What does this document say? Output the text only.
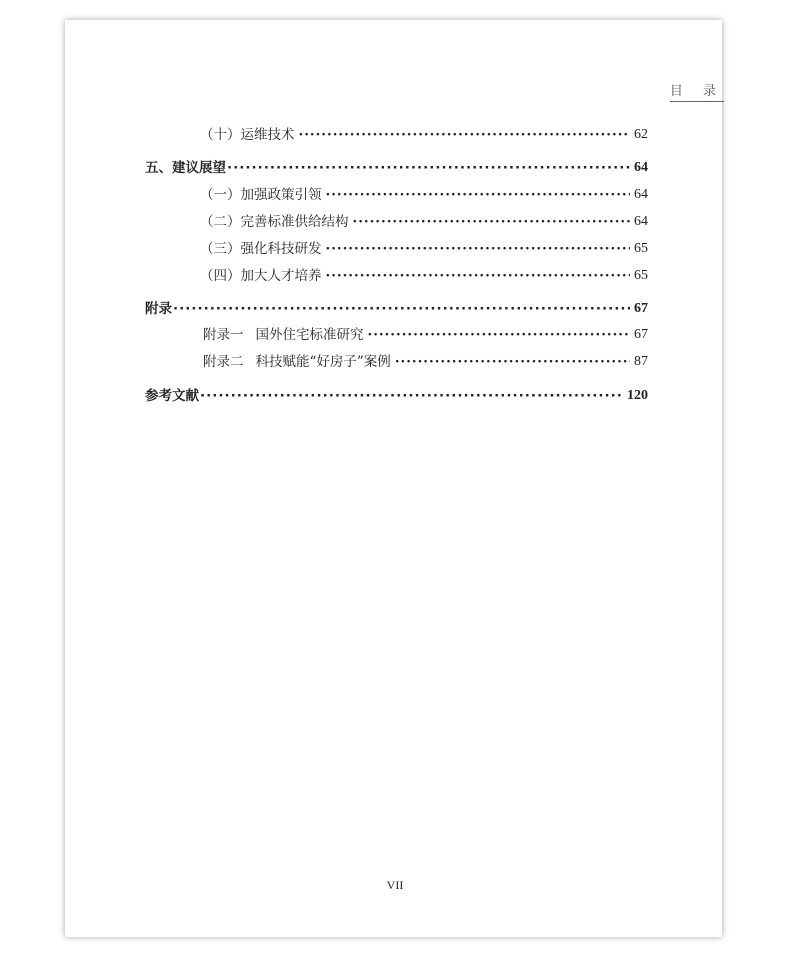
目 录
（十）运维技术 ·····	62
五、建议展望 ·····	64
（一）加强政策引领 ·····	64
（二）完善标准供给结构 ·····	64
（三）强化科技研发 ·····	65
（四）加大人才培养 ·····	65
附录 ·····	67
附录一 国外住宅标准研究 ·····	67
附录二 科技赋能“好房子”案例 ·····	87
参考文献 ·····	120
VII
